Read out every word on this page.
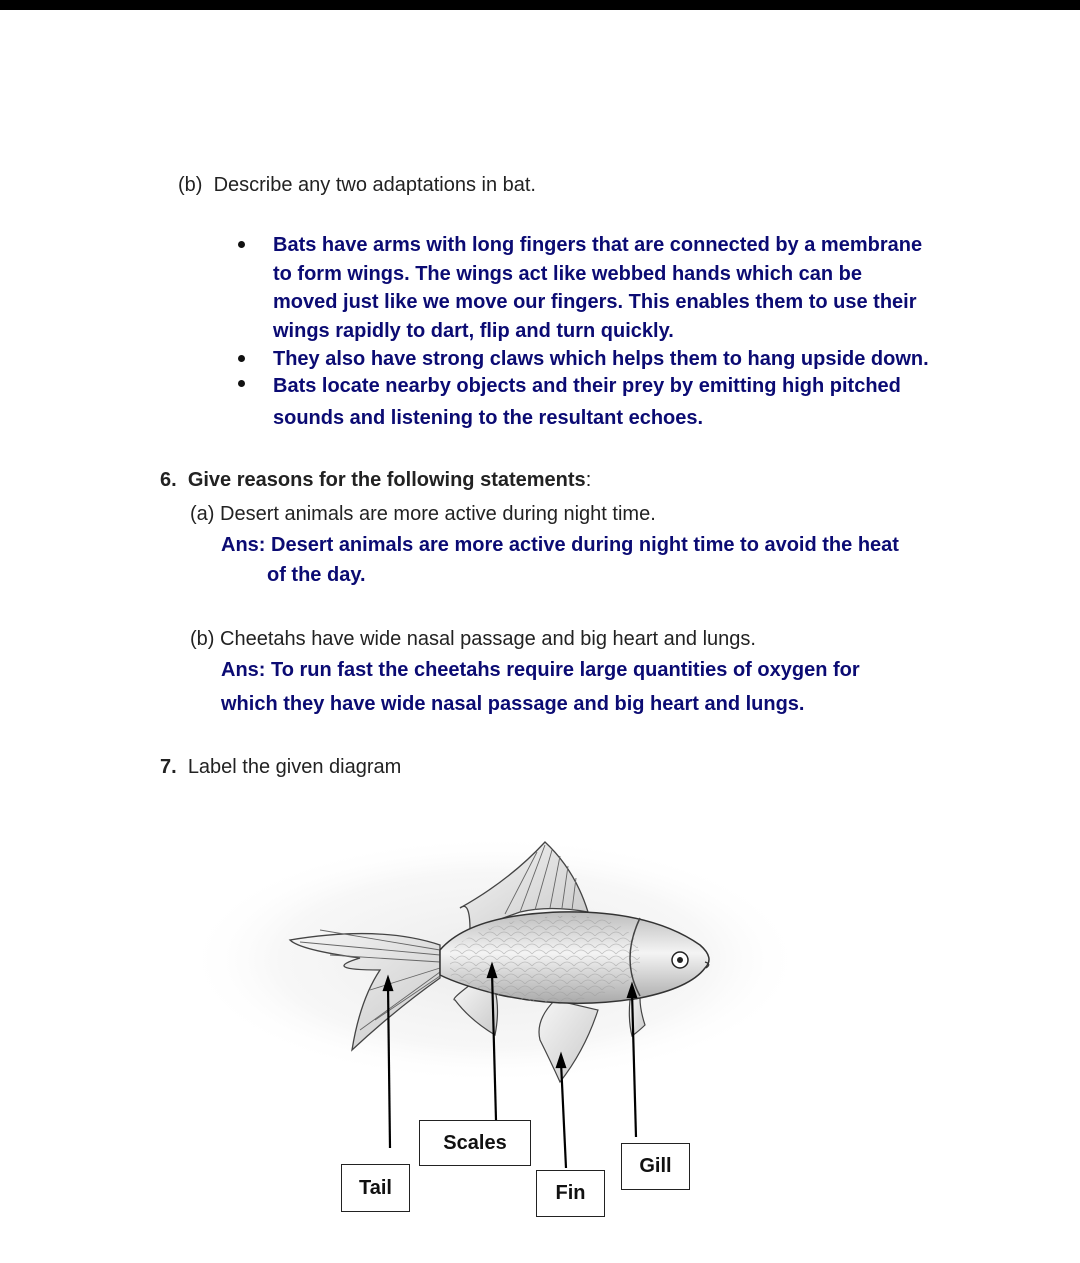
(b) Describe any two adaptations in bat.
Bats have arms with long fingers that are connected by a membrane
to form wings. The wings act like webbed hands which can be
moved just like we move our fingers. This enables them to use their
wings rapidly to dart, flip and turn quickly.
They also have strong claws which helps them to hang upside down.
Bats locate nearby objects and their prey by emitting high pitched
sounds and listening to the resultant echoes.
6. Give reasons for the following statements:
(a) Desert animals are more active during night time.
Ans: Desert animals are more active during night time to avoid the heat
of the day.
(b) Cheetahs have wide nasal passage and big heart and lungs.
Ans: To run fast the cheetahs require large quantities of oxygen for
which they have wide nasal passage and big heart and lungs.
7. Label the given diagram
Tail
Scales
Fin
Gill
